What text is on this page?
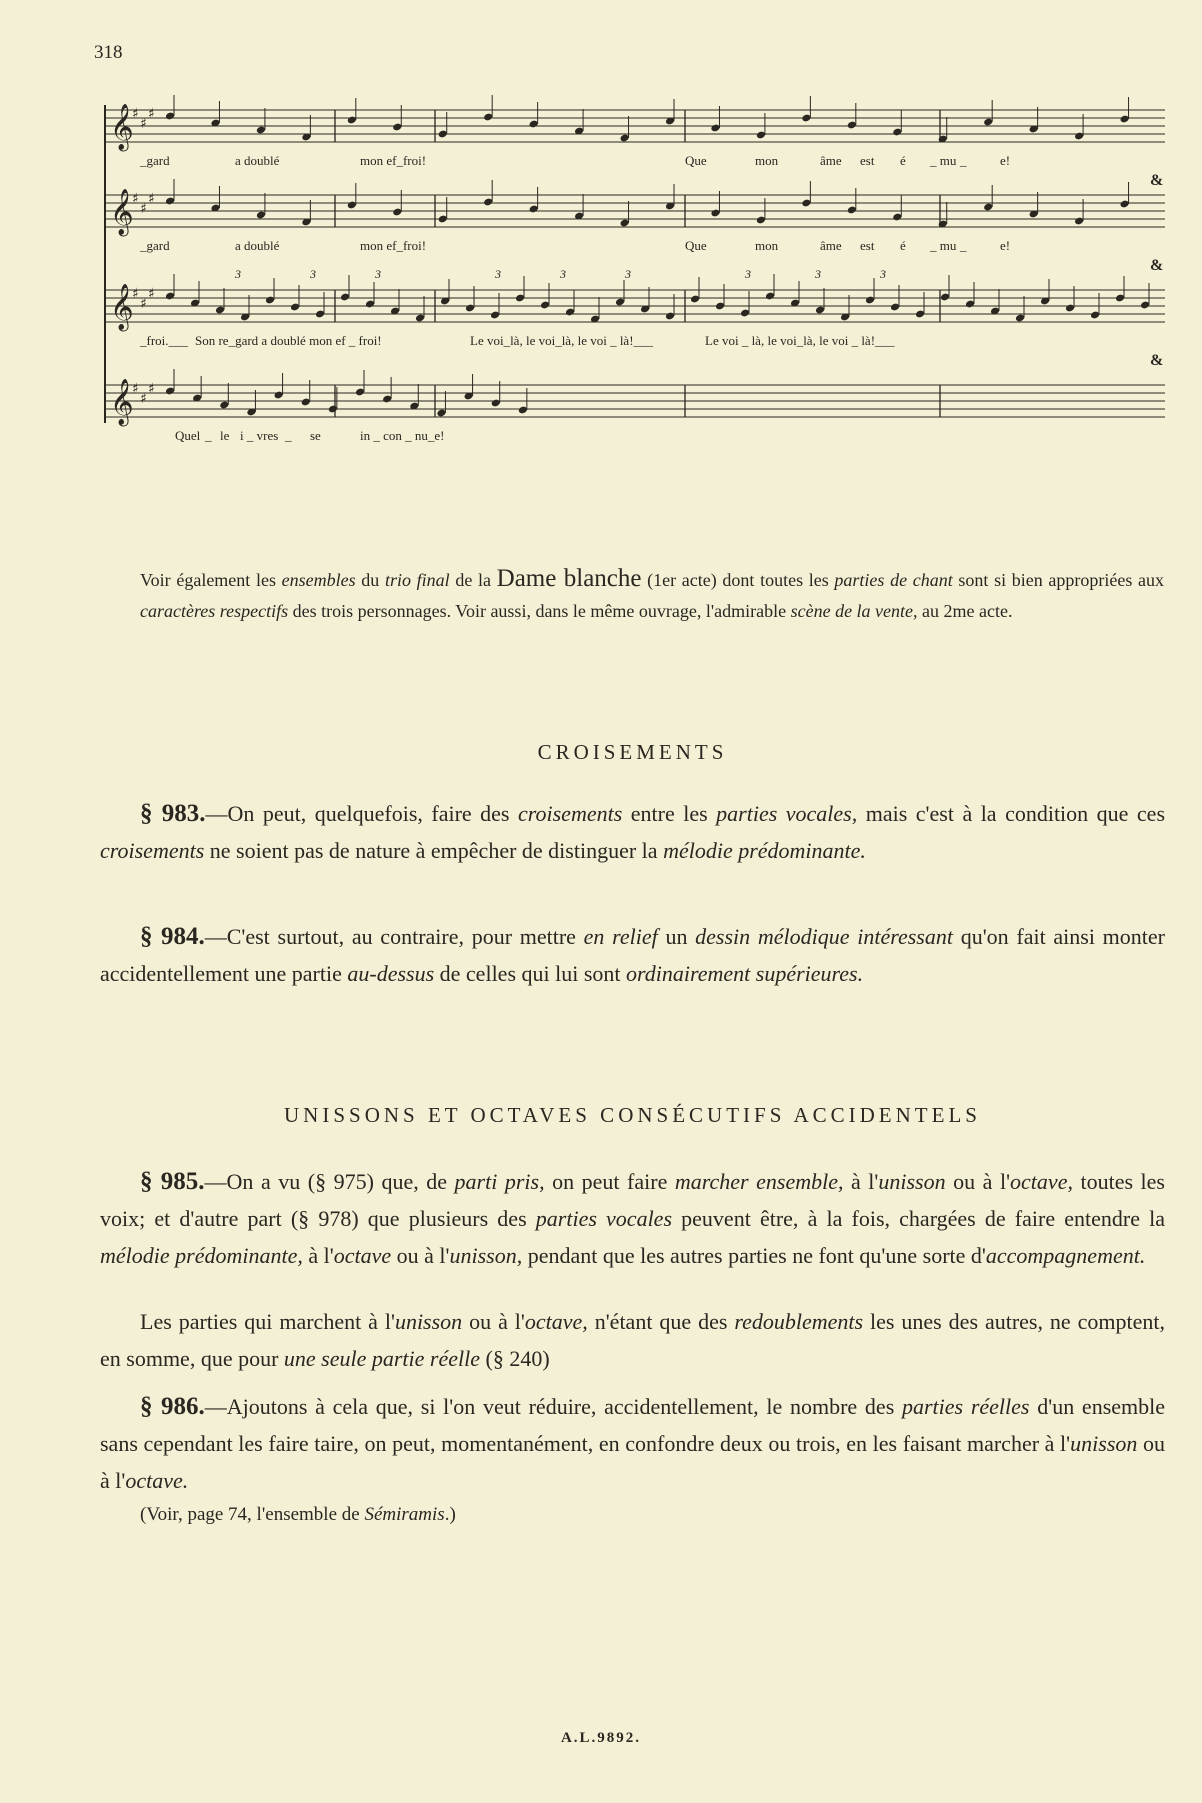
318
𝄞
♯
♯
♯
_gard	a doublé	mon ef_froi!	Que	mon	âme est é _ mu _	e!
&
𝄞
♯
♯
♯
_gard	a doublé	mon ef_froi!	Que	mon	âme est é _ mu _	e!
&
𝄞
♯
♯
♯
3	3	3	3	3	3	3	3	3
_froi.___ Son re_gard a doublé mon ef _ froi!	Le voi_là, le voi_là, le voi _ là!___	Le voi _ là, le voi_là, le voi _ là!___
&
𝄞
♯
♯
♯
Quel _ le i _ vres _ se	in _ con _ nu_e!
Voir également les ensembles du trio final de la Dame blanche (1er acte) dont toutes les parties de chant sont si bien appropriées aux caractères respectifs des trois personnages. Voir aussi, dans le même ouvrage, l'admirable scène de la vente, au 2me acte.
CROISEMENTS
§ 983.—On peut, quelquefois, faire des croisements entre les parties vocales, mais c'est à la condition que ces croisements ne soient pas de nature à empêcher de distinguer la mélodie prédominante.
§ 984.—C'est surtout, au contraire, pour mettre en relief un dessin mélodique intéressant qu'on fait ainsi monter accidentellement une partie au-dessus de celles qui lui sont ordinairement supérieures.
UNISSONS ET OCTAVES CONSÉCUTIFS ACCIDENTELS
§ 985.—On a vu (§ 975) que, de parti pris, on peut faire marcher ensemble, à l'unisson ou à l'octave, toutes les voix; et d'autre part (§ 978) que plusieurs des parties vocales peuvent être, à la fois, chargées de faire entendre la mélodie prédominante, à l'octave ou à l'unisson, pendant que les autres parties ne font qu'une sorte d'accompagnement.
Les parties qui marchent à l'unisson ou à l'octave, n'étant que des redoublements les unes des autres, ne comptent, en somme, que pour une seule partie réelle (§ 240)
§ 986.—Ajoutons à cela que, si l'on veut réduire, accidentellement, le nombre des parties réelles d'un ensemble sans cependant les faire taire, on peut, momentanément, en confondre deux ou trois, en les faisant marcher à l'unisson ou à l'octave.
(Voir, page 74, l'ensemble de Sémiramis.)
A.L.9892.
